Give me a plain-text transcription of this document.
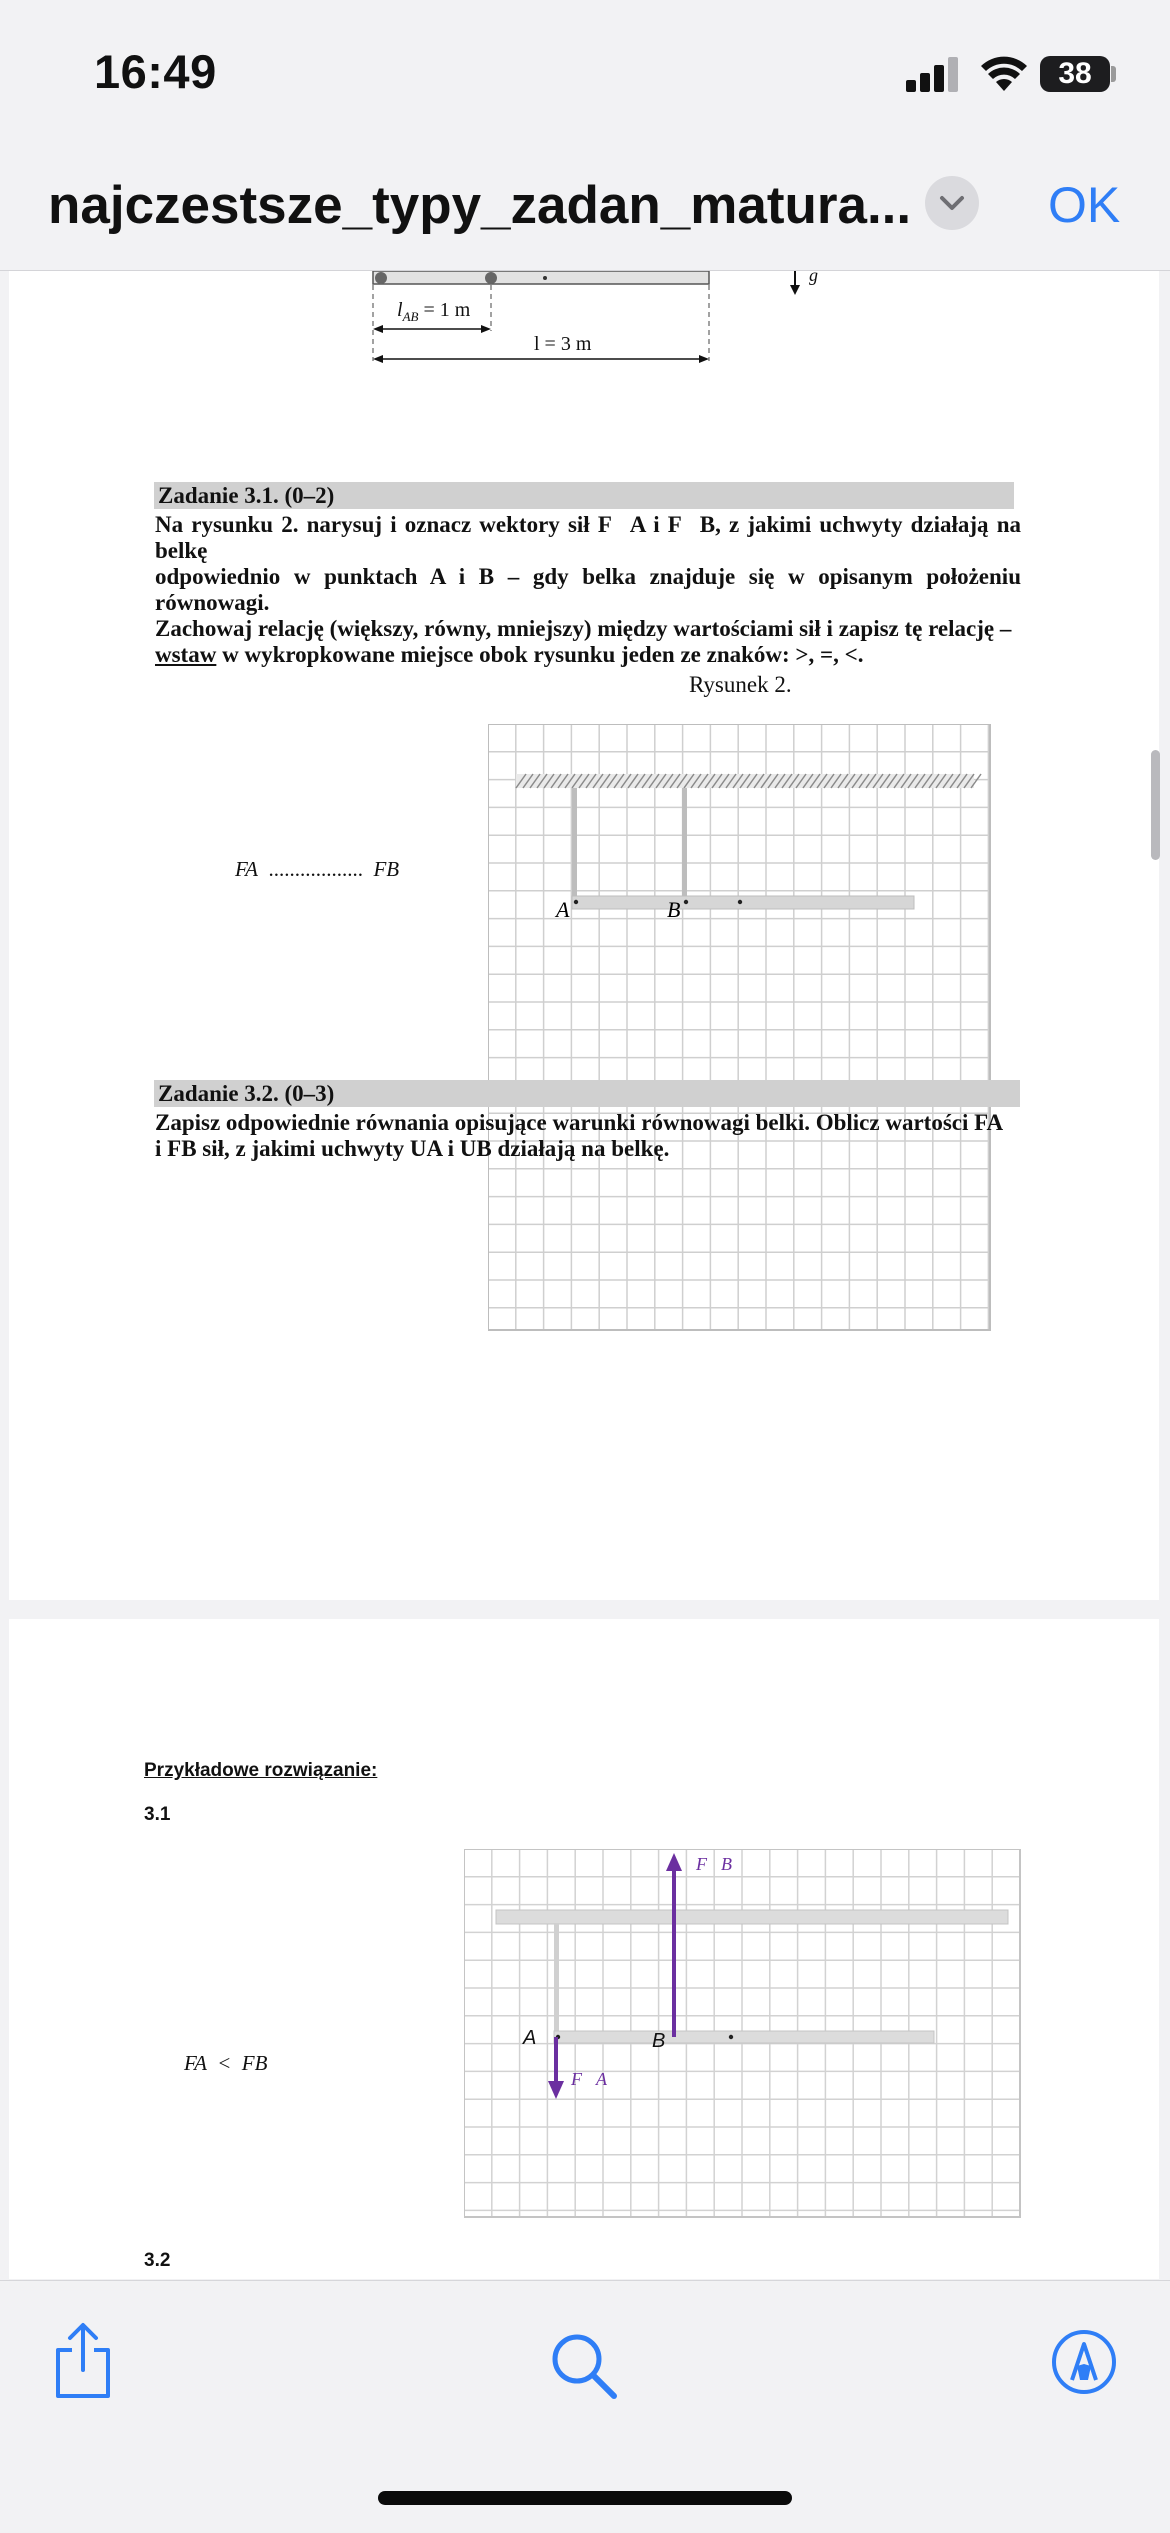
16:49	38
najczestsze_typy_zadan_matura...	OK
$l_{AB} = 1$ m
l = 3 m
g
Zadanie 3.1. (0–2)
Na rysunku 2. narysuj i oznacz wektory sił F⃗A i F⃗B, z jakimi uchwyty działają na belkę
odpowiednio w punktach A i B – gdy belka znajduje się w opisanym położeniu równowagi.
Zachowaj relację (większy, równy, mniejszy) między wartościami sił i zapisz tę relację –
wstaw w wykropkowane miejsce obok rysunku jeden ze znaków: >, =, <.
Rysunek 2.
A	B
FA .................. FB
Zadanie 3.2. (0–3)
Zapisz odpowiednie równania opisujące warunki równowagi belki. Oblicz wartości FA
i FB sił, z jakimi uchwyty UA i UB działają na belkę.
Przykładowe rozwiązanie:
3.1
F⃗B
F⃗A
A	B
FA  <  FB
3.2
